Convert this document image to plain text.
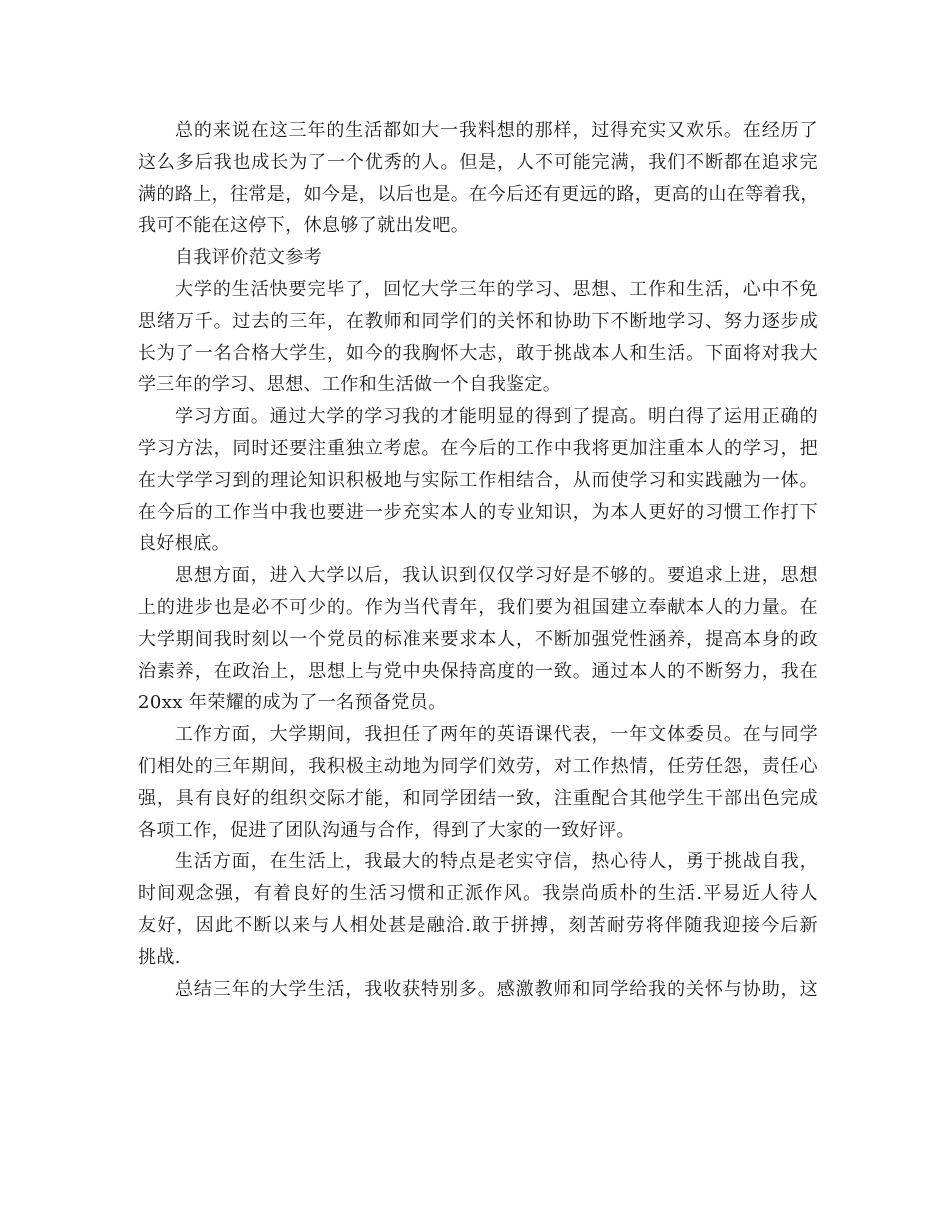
总的来说在这三年的生活都如大一我料想的那样，过得充实又欢乐。在经历了
这么多后我也成长为了一个优秀的人。但是，人不可能完满，我们不断都在追求完
满的路上，往常是，如今是，以后也是。在今后还有更远的路，更高的山在等着我，
我可不能在这停下，休息够了就出发吧。
自我评价范文参考
大学的生活快要完毕了，回忆大学三年的学习、思想、工作和生活，心中不免
思绪万千。过去的三年，在教师和同学们的关怀和协助下不断地学习、努力逐步成
长为了一名合格大学生，如今的我胸怀大志，敢于挑战本人和生活。下面将对我大
学三年的学习、思想、工作和生活做一个自我鉴定。
学习方面。通过大学的学习我的才能明显的得到了提高。明白得了运用正确的
学习方法，同时还要注重独立考虑。在今后的工作中我将更加注重本人的学习，把
在大学学习到的理论知识积极地与实际工作相结合，从而使学习和实践融为一体。
在今后的工作当中我也要进一步充实本人的专业知识，为本人更好的习惯工作打下
良好根底。
思想方面，进入大学以后，我认识到仅仅学习好是不够的。要追求上进，思想
上的进步也是必不可少的。作为当代青年，我们要为祖国建立奉献本人的力量。在
大学期间我时刻以一个党员的标准来要求本人，不断加强党性涵养，提高本身的政
治素养，在政治上，思想上与党中央保持高度的一致。通过本人的不断努力，我在
20xx 年荣耀的成为了一名预备党员。
工作方面，大学期间，我担任了两年的英语课代表，一年文体委员。在与同学
们相处的三年期间，我积极主动地为同学们效劳，对工作热情，任劳任怨，责任心
强，具有良好的组织交际才能，和同学团结一致，注重配合其他学生干部出色完成
各项工作，促进了团队沟通与合作，得到了大家的一致好评。
生活方面，在生活上，我最大的特点是老实守信，热心待人，勇于挑战自我，
时间观念强，有着良好的生活习惯和正派作风。我崇尚质朴的生活.平易近人待人
友好，因此不断以来与人相处甚是融洽.敢于拼搏，刻苦耐劳将伴随我迎接今后新
挑战.
总结三年的大学生活，我收获特别多。感激教师和同学给我的关怀与协助，这
